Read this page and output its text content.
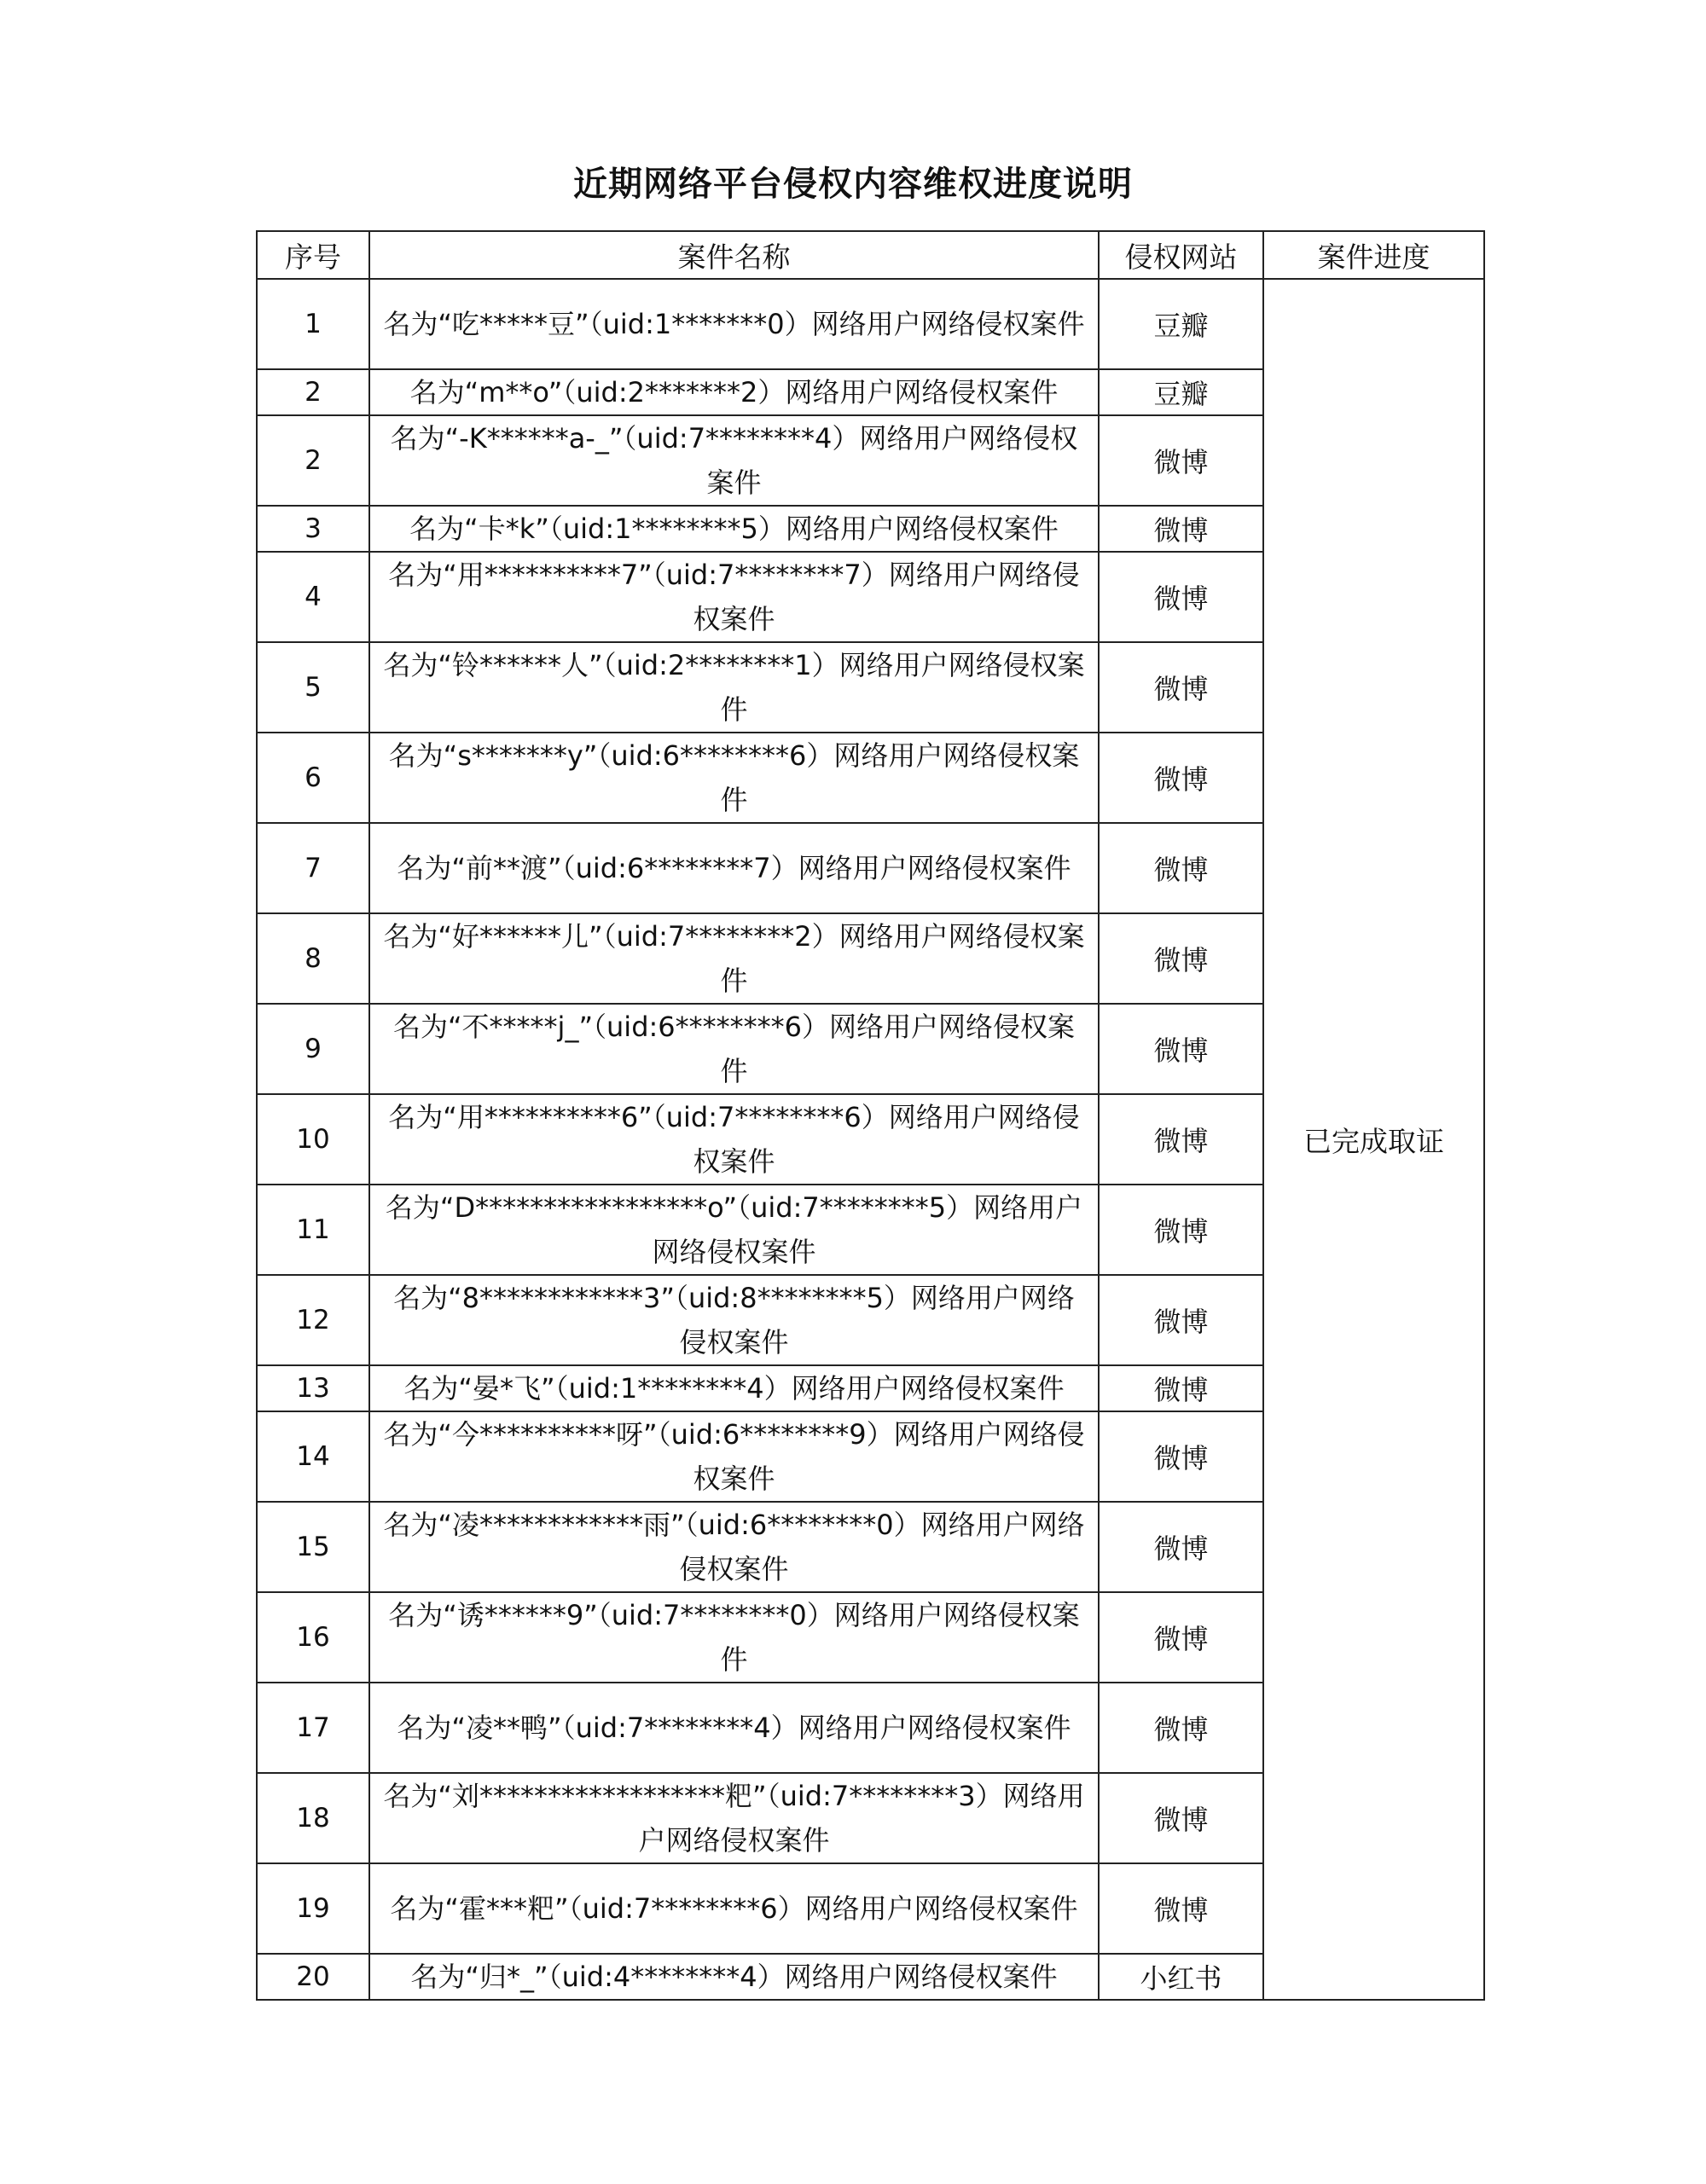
近期网络平台侵权内容维权进度说明
序号	案件名称	侵权网站	案件进度
1	名为“吃*****豆”（uid:1*******0）网络用户网络侵权案件	豆瓣	已完成取证
2	名为“m**o”（uid:2*******2）网络用户网络侵权案件	豆瓣	
2	名为“-K******a-_”（uid:7********4）网络用户网络侵权案件	微博	
3	名为“卡*k”（uid:1********5）网络用户网络侵权案件	微博	
4	名为“用**********7”（uid:7********7）网络用户网络侵权案件	微博	
5	名为“铃******人”（uid:2********1）网络用户网络侵权案件	微博	
6	名为“s*******y”（uid:6********6）网络用户网络侵权案件	微博	
7	名为“前**渡”（uid:6********7）网络用户网络侵权案件	微博	
8	名为“好******儿”（uid:7********2）网络用户网络侵权案件	微博	
9	名为“不*****j_”（uid:6********6）网络用户网络侵权案件	微博	
10	名为“用**********6”（uid:7********6）网络用户网络侵权案件	微博	
11	名为“D*****************o”（uid:7********5）网络用户网络侵权案件	微博	
12	名为“8************3”（uid:8********5）网络用户网络侵权案件	微博	
13	名为“晏*飞”（uid:1********4）网络用户网络侵权案件	微博	
14	名为“今**********呀”（uid:6********9）网络用户网络侵权案件	微博	
15	名为“凌************雨”（uid:6********0）网络用户网络侵权案件	微博	
16	名为“诱******9”（uid:7********0）网络用户网络侵权案件	微博	
17	名为“凌**鸭”（uid:7********4）网络用户网络侵权案件	微博	
18	名为“刘******************粑”（uid:7********3）网络用户网络侵权案件	微博	
19	名为“霍***粑”（uid:7********6）网络用户网络侵权案件	微博	
20	名为“归*_”（uid:4********4）网络用户网络侵权案件	小红书	
